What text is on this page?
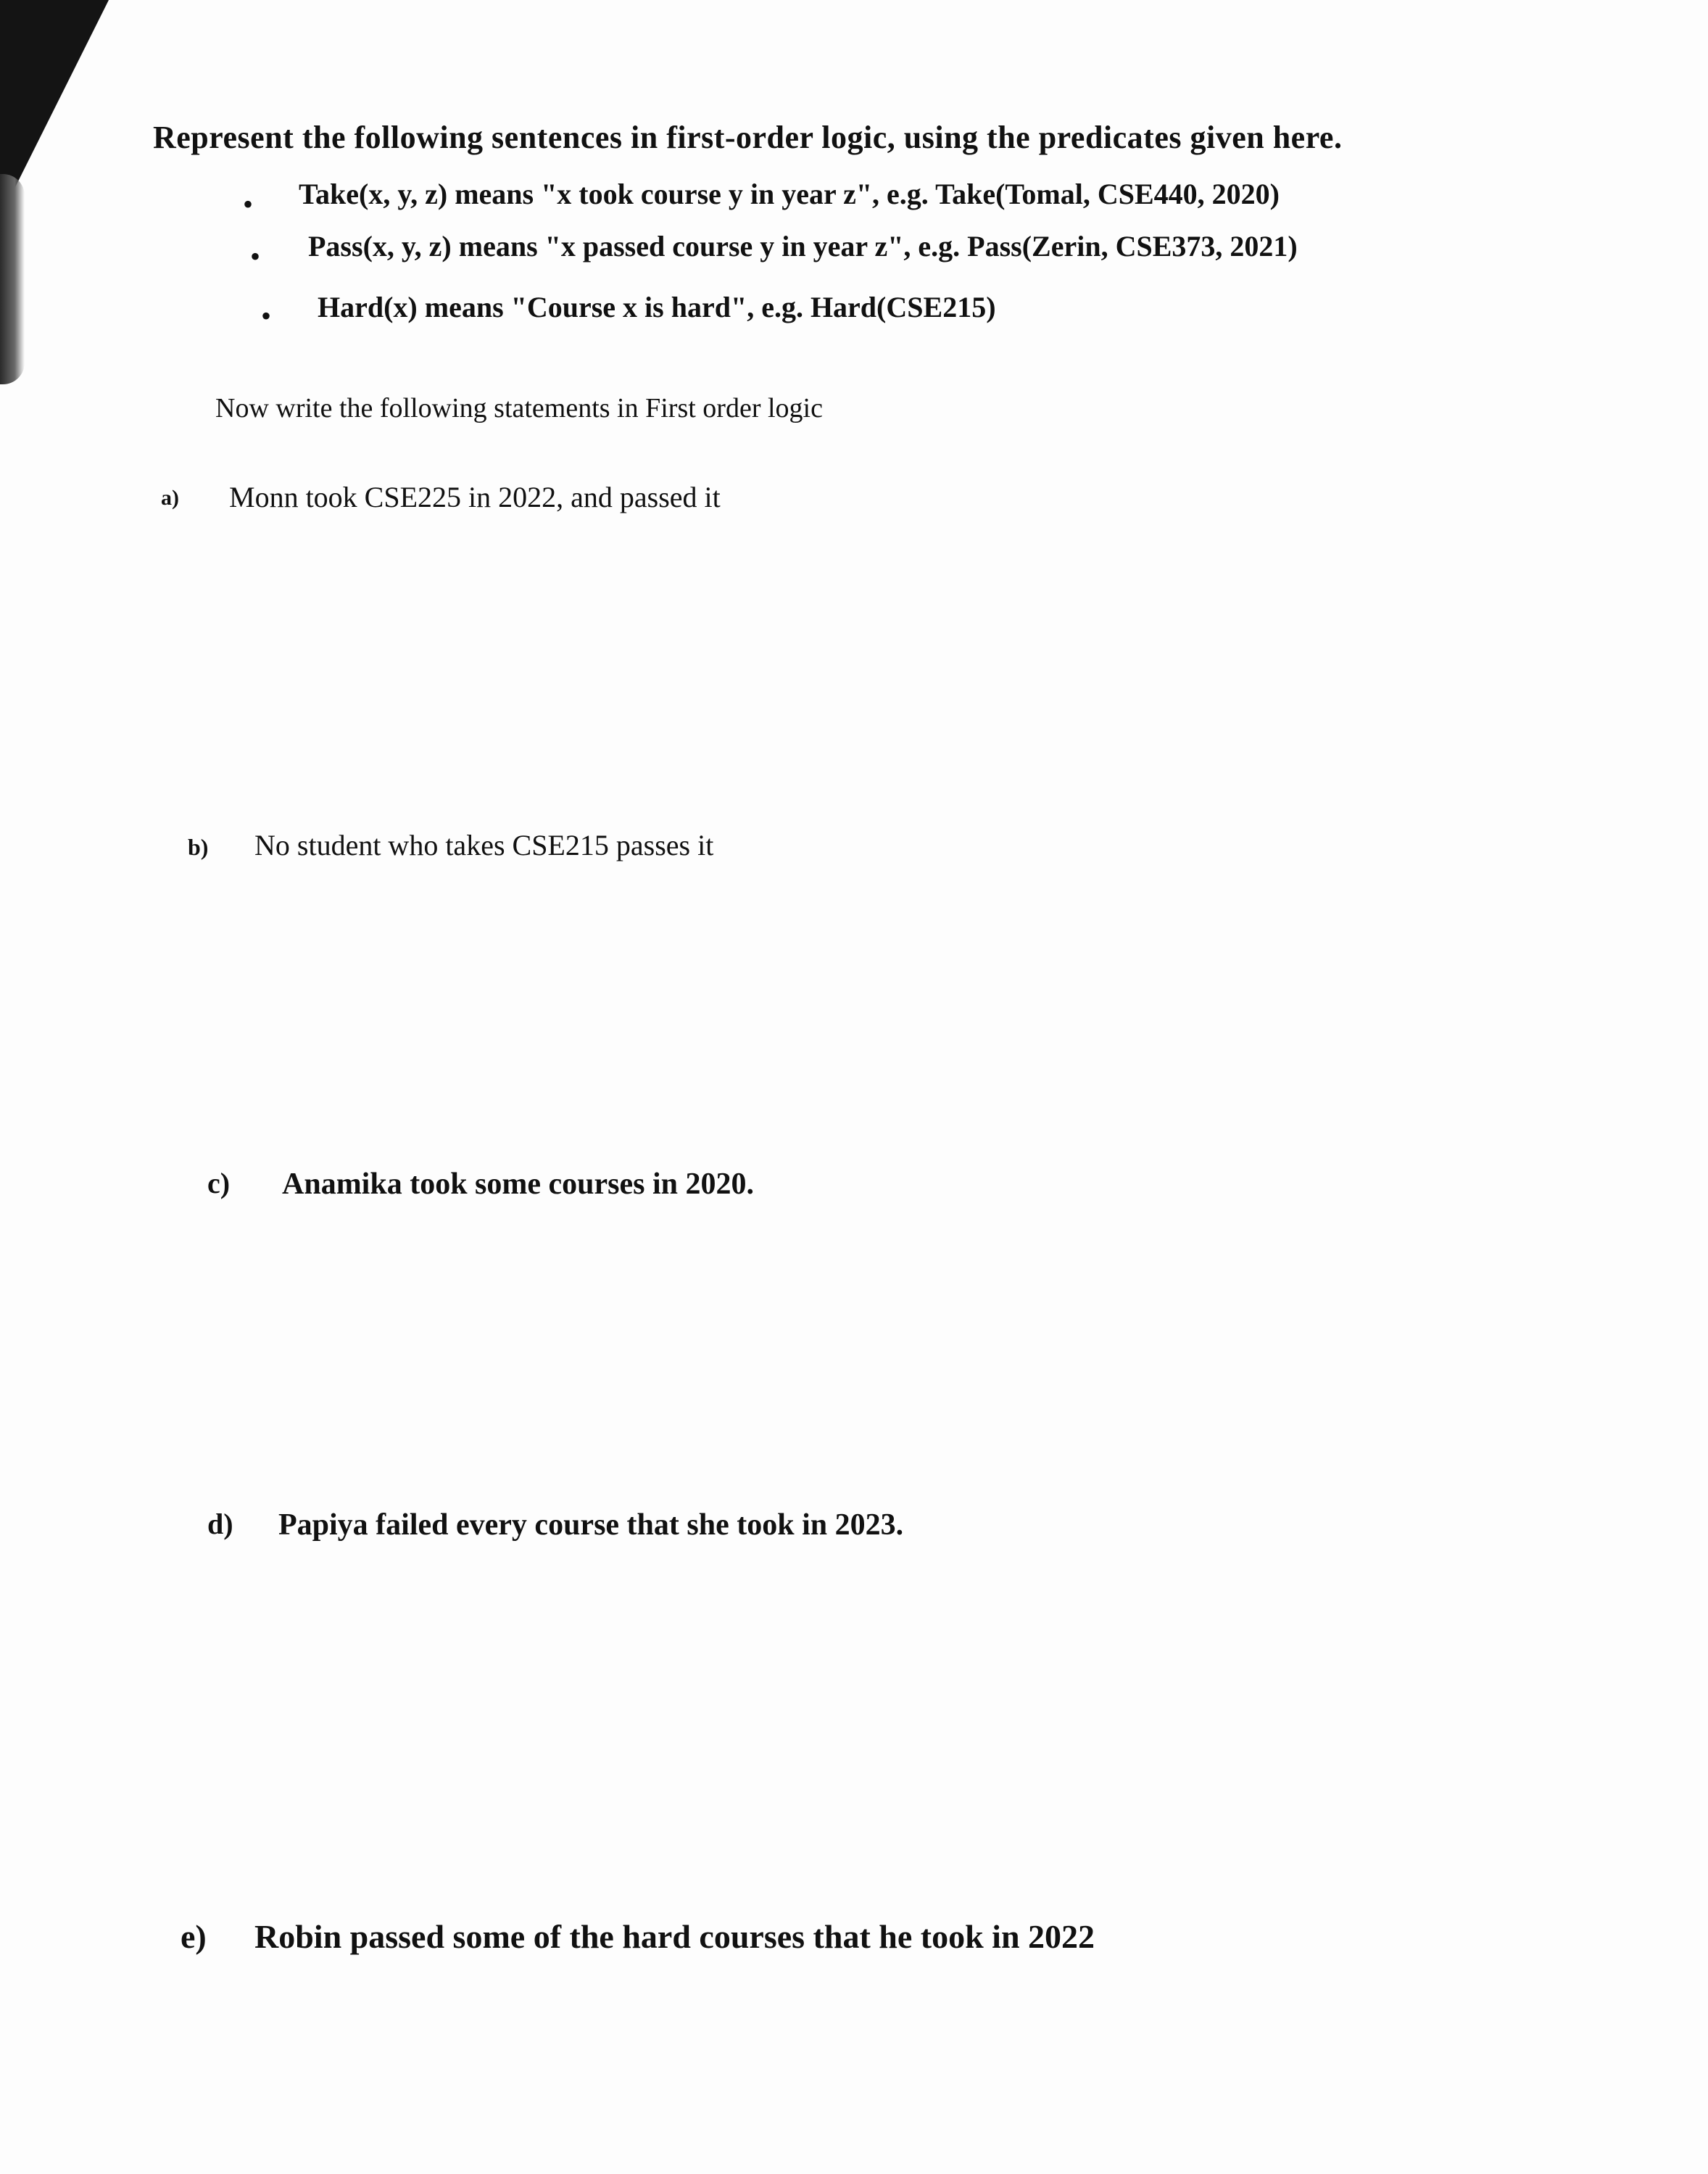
Represent the following sentences in first-order logic, using the predicates given here.
• Take(x, y, z) means "x took course y in year z", e.g. Take(Tomal, CSE440, 2020)
• Pass(x, y, z) means "x passed course y in year z", e.g. Pass(Zerin, CSE373, 2021)
• Hard(x) means "Course x is hard", e.g. Hard(CSE215)
Now write the following statements in First order logic
a) Monn took CSE225 in 2022, and passed it
b) No student who takes CSE215 passes it
c) Anamika took some courses in 2020.
d) Papiya failed every course that she took in 2023.
e) Robin passed some of the hard courses that he took in 2022
